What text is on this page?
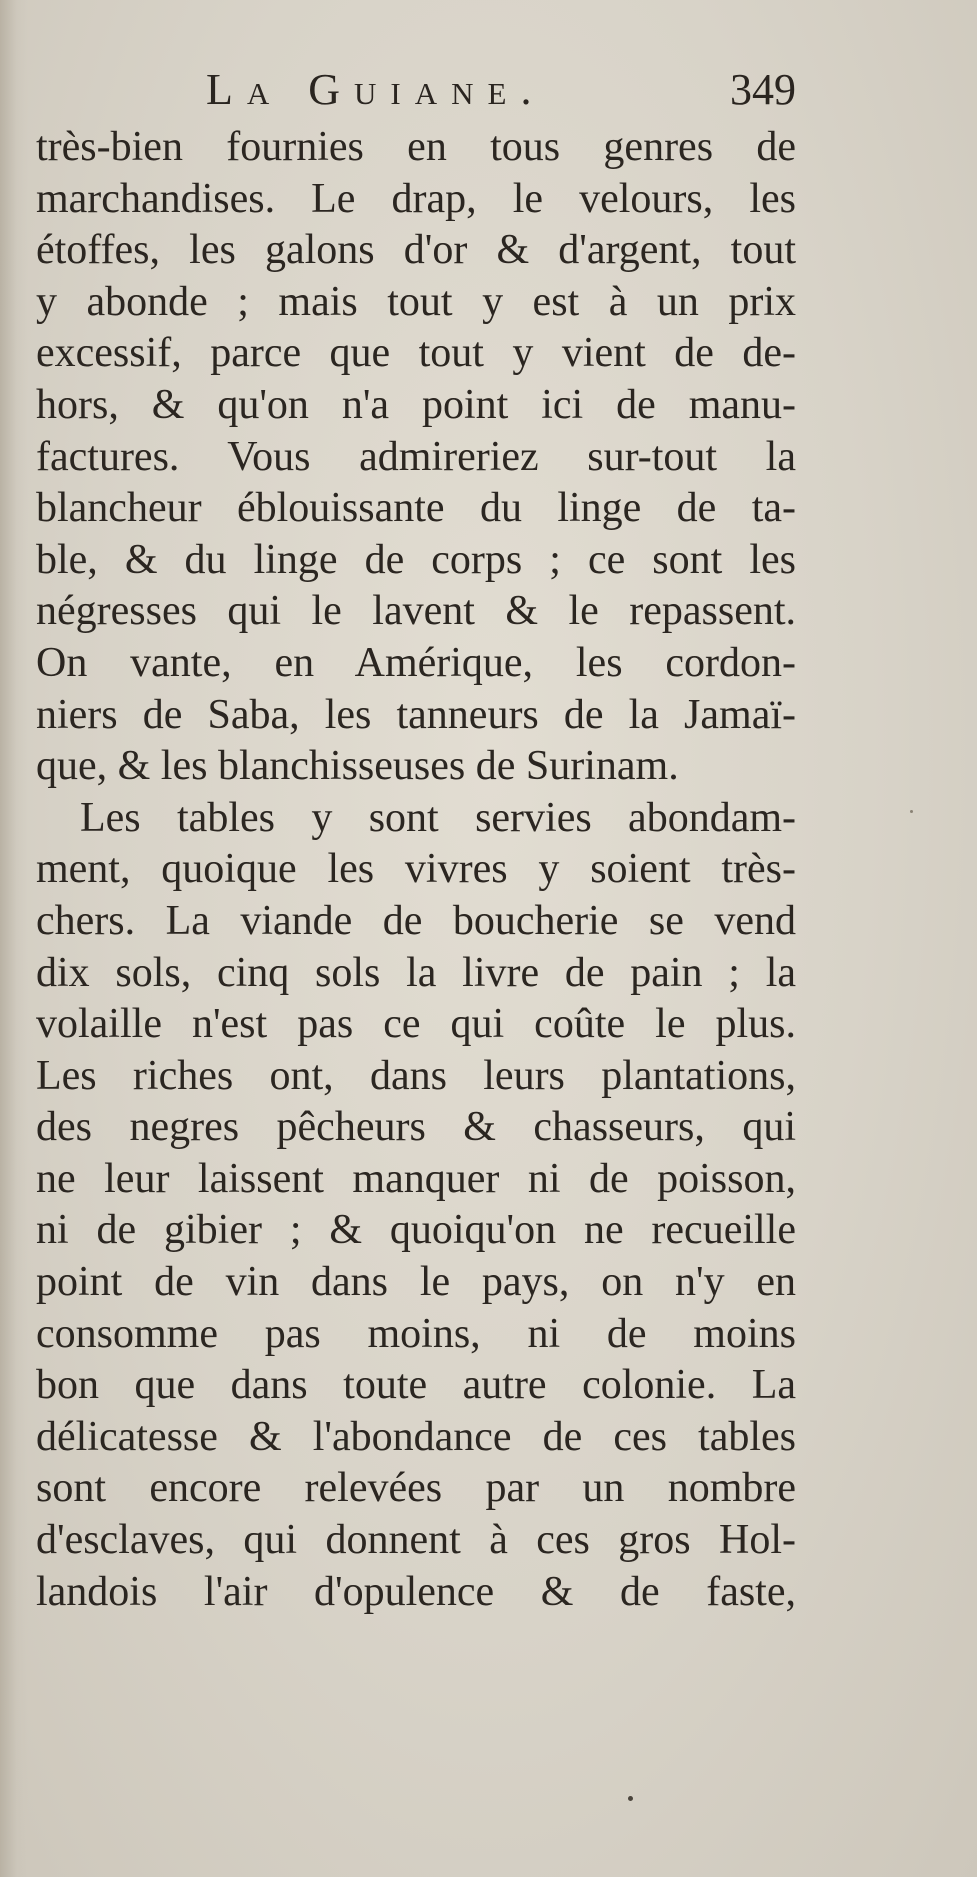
La Guiane.	349
très-bien fournies en tous genres de
marchandises. Le drap, le velours, les
étoffes, les galons d'or & d'argent, tout
y abonde ; mais tout y est à un prix
excessif, parce que tout y vient de de-
hors, & qu'on n'a point ici de manu-
factures. Vous admireriez sur-tout la
blancheur éblouissante du linge de ta-
ble, & du linge de corps ; ce sont les
négresses qui le lavent & le repassent.
On vante, en Amérique, les cordon-
niers de Saba, les tanneurs de la Jamaï-
que, & les blanchisseuses de Surinam.
Les tables y sont servies abondam-
ment, quoique les vivres y soient très-
chers. La viande de boucherie se vend
dix sols, cinq sols la livre de pain ; la
volaille n'est pas ce qui coûte le plus.
Les riches ont, dans leurs plantations,
des negres pêcheurs & chasseurs, qui
ne leur laissent manquer ni de poisson,
ni de gibier ; & quoiqu'on ne recueille
point de vin dans le pays, on n'y en
consomme pas moins, ni de moins
bon que dans toute autre colonie. La
délicatesse & l'abondance de ces tables
sont encore relevées par un nombre
d'esclaves, qui donnent à ces gros Hol-
landois l'air d'opulence & de faste,
